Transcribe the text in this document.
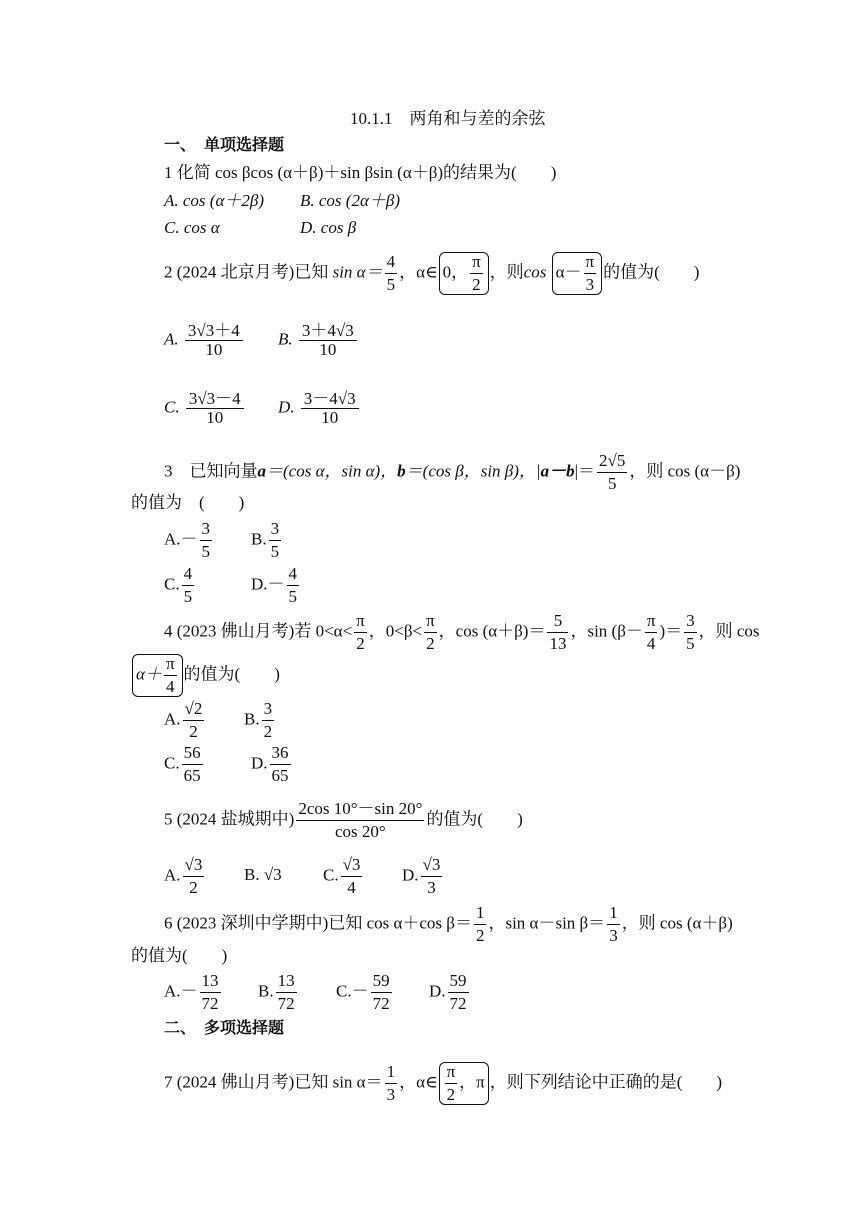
10.1.1　两角和与差的余弦
一、　单项选择题
1 化简 cos βcos (α＋β)＋sin βsin (α＋β)的结果为(　　)
A. cos (α＋2β) B. cos (2α＋β)
C. cos α	D. cos β
2 (2024 北京月考)已知 $\sin \alpha= \frac{4}{5}$ ，α∈ 0， $\frac{\pi}{2}$ ，则$\cos \alpha- \frac{\pi}{3}$ 的值为(　　)
A. $\frac{3√3+4}{10} B$. $\frac{3+4√3}{10}$
C. $\frac{3√3-4}{10} D$. $\frac{3-4√3}{10}$
3　已知向量a＝(cos α，sin α)，b＝(cos β，sin β)，$|a-b|= \frac{2√5}{5}$ ，则 cos (α－β)
的值为　(　　)
$A.- \frac{3}{5} B$. $\frac{3}{5}$
C. $\frac{4}{5}$	$D.- \frac{4}{5}$
4 (2023 佛山月考)若 $0<\alpha< \frac{\pi}{2}$ ，$0<\beta< \frac{\pi}{2}$ ，$\cos (\alpha+\beta)= \frac{5}{13}$ ，$\sin (\beta- \frac{\pi}{4}$ )＝ $\frac{3}{5}$ ，则 cos
$\alpha+ \frac{\pi}{4}$ 的值为(　　)
A. $\frac{√2}{2} B$. $\frac{3}{2}$
C. $\frac{56}{65}$	D. $\frac{36}{65}$
5 (2024 盐城期中) $\frac{2\cos 10^\circ-\sin 20^\circ}{\cos 20^\circ}$ 的值为(　　)
A. $\frac{√3}{2} B$. √3 C. $\frac{√3}{4} D$. $\frac{√3}{3}$
6 (2023 深圳中学期中)已知 cos α＋cos $\beta= \frac{1}{2}$ ，sin α－sin $\beta= \frac{1}{3}$ ，则 cos (α＋β)
的值为(　　)
$A.- \frac{13}{72} B$. $\frac{13}{72} C.- \frac{59}{72} D$. $\frac{59}{72}$
二、　多项选择题
7 (2024 佛山月考)已知 $\sin \alpha= \frac{1}{3}$ ，α∈ $\frac{\pi}{2}$ ，π ，则下列结论中正确的是(　　)
